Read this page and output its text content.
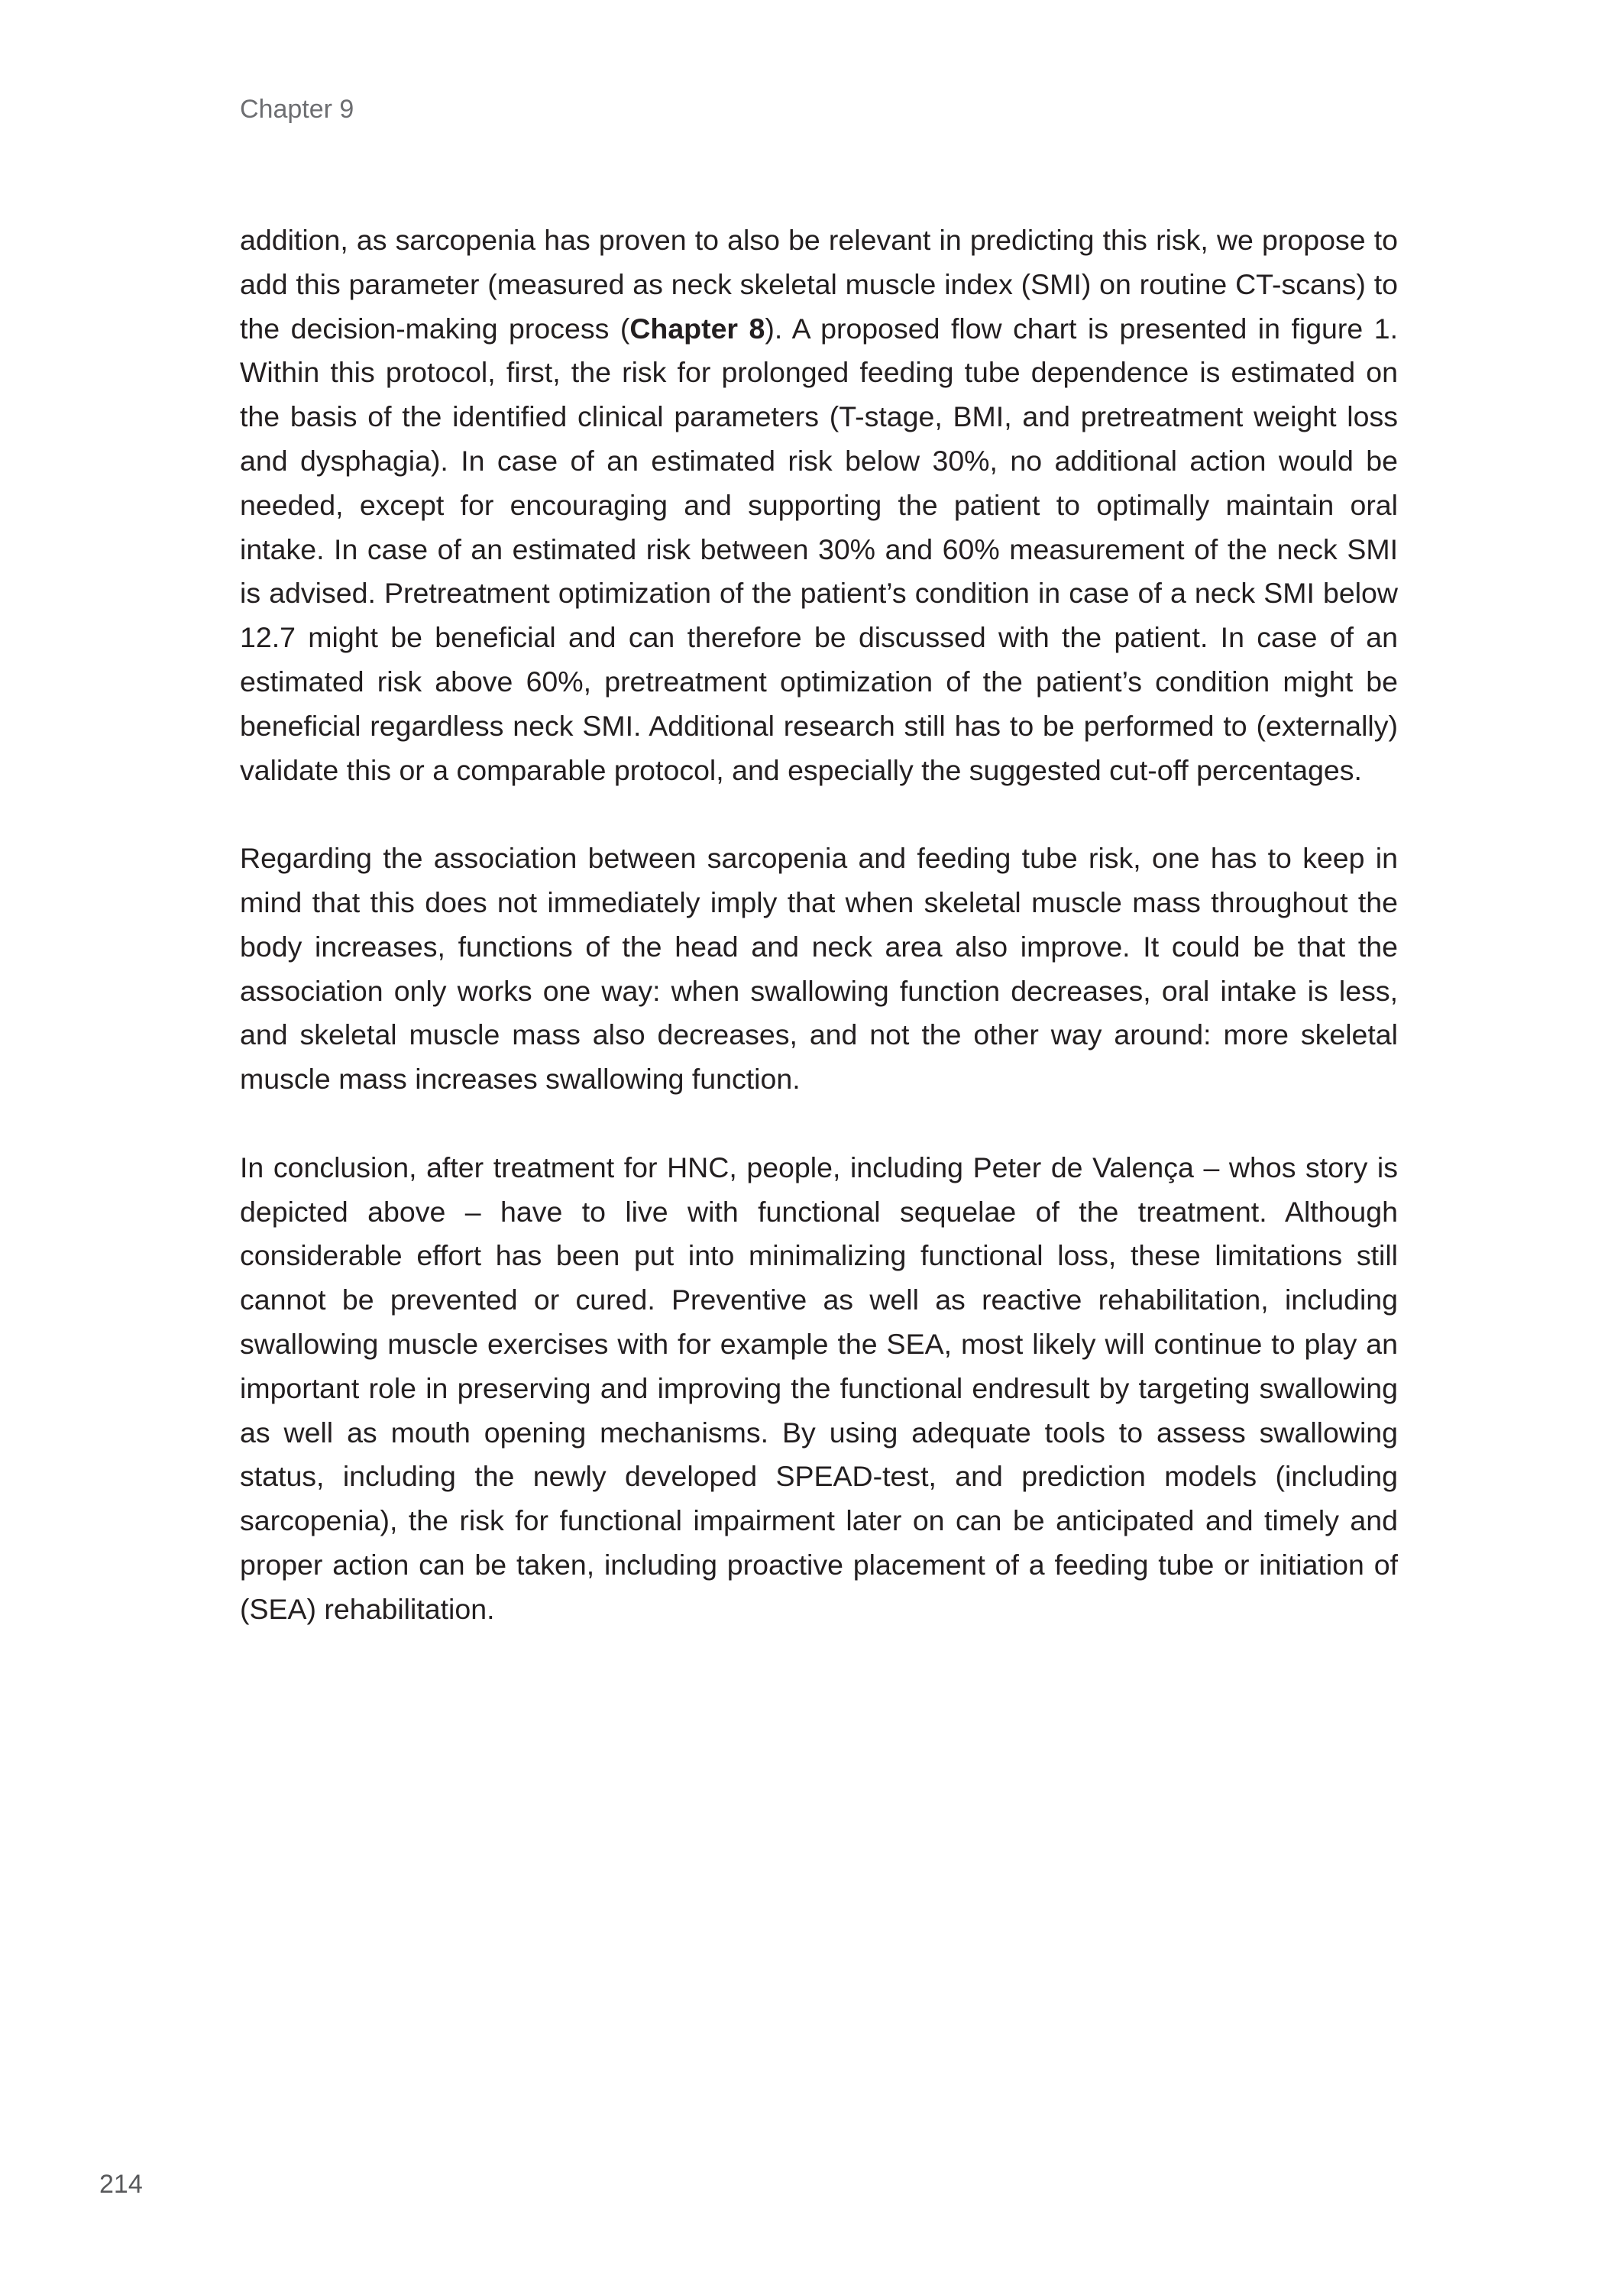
Chapter 9

addition, as sarcopenia has proven to also be relevant in predicting this risk, we propose to add this parameter (measured as neck skeletal muscle index (SMI) on routine CT-scans) to the decision-making process (Chapter 8). A proposed flow chart is presented in figure 1. Within this protocol, first, the risk for prolonged feeding tube dependence is estimated on the basis of the identified clinical parameters (T-stage, BMI, and pretreatment weight loss and dysphagia). In case of an estimated risk below 30%, no additional action would be needed, except for encouraging and supporting the patient to optimally maintain oral intake. In case of an estimated risk between 30% and 60% measurement of the neck SMI is advised. Pretreatment optimization of the patient’s condition in case of a neck SMI below 12.7 might be beneficial and can therefore be discussed with the patient. In case of an estimated risk above 60%, pretreatment optimization of the patient’s condition might be beneficial regardless neck SMI. Additional research still has to be performed to (externally) validate this or a comparable protocol, and especially the suggested cut-off percentages.

Regarding the association between sarcopenia and feeding tube risk, one has to keep in mind that this does not immediately imply that when skeletal muscle mass throughout the body increases, functions of the head and neck area also improve. It could be that the association only works one way: when swallowing function decreases, oral intake is less, and skeletal muscle mass also decreases, and not the other way around: more skeletal muscle mass increases swallowing function.

In conclusion, after treatment for HNC, people, including Peter de Valença – whos story is depicted above – have to live with functional sequelae of the treatment. Although considerable effort has been put into minimalizing functional loss, these limitations still cannot be prevented or cured. Preventive as well as reactive rehabilitation, including swallowing muscle exercises with for example the SEA, most likely will continue to play an important role in preserving and improving the functional endresult by targeting swallowing as well as mouth opening mechanisms. By using adequate tools to assess swallowing status, including the newly developed SPEAD-test, and prediction models (including sarcopenia), the risk for functional impairment later on can be anticipated and timely and proper action can be taken, including proactive placement of a feeding tube or initiation of (SEA) rehabilitation.

214
